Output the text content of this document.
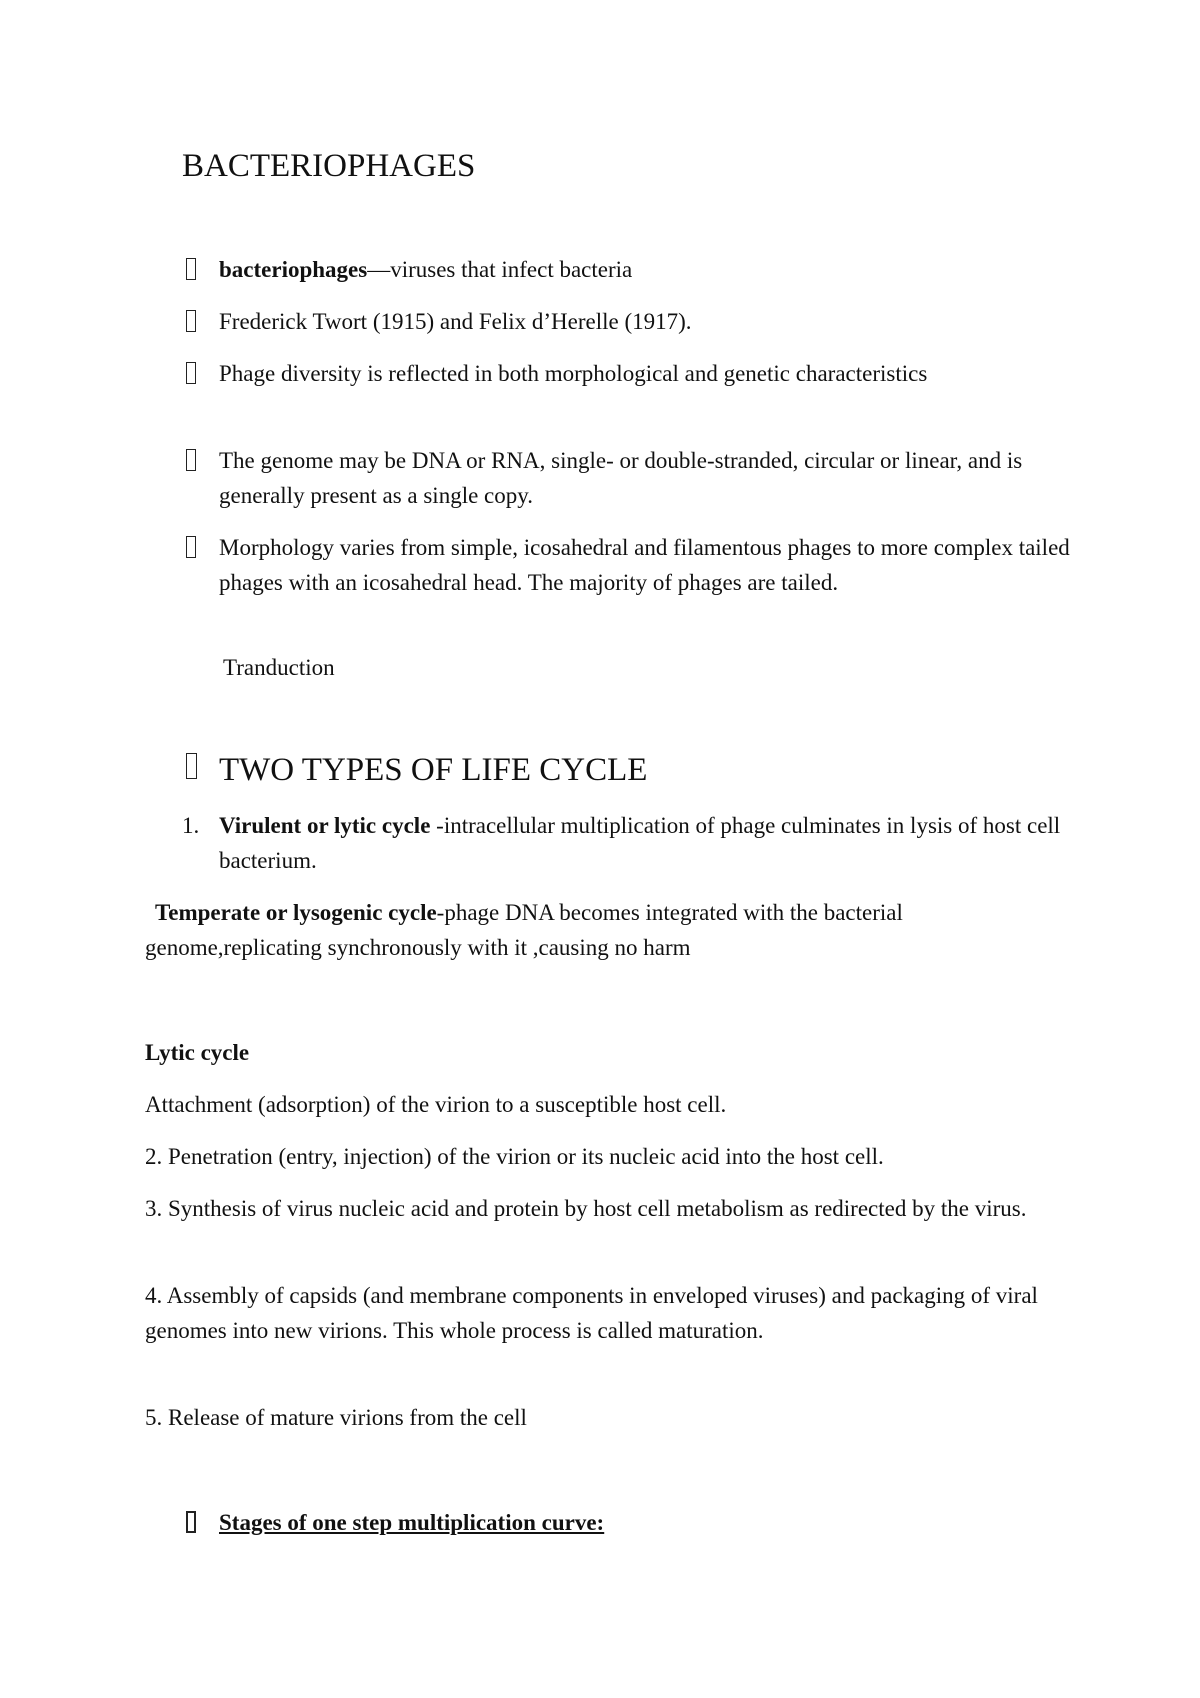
BACTERIOPHAGES
bacteriophages—viruses that infect bacteria
Frederick Twort (1915) and Felix d’Herelle (1917).
Phage diversity is reflected in both morphological and genetic characteristics
The genome may be DNA or RNA, single- or double-stranded, circular or linear, and is generally present as a single copy.
Morphology varies from simple, icosahedral and filamentous phages to more complex tailed phages with an icosahedral head. The majority of phages are tailed.
Tranduction
TWO TYPES OF LIFE CYCLE
1. Virulent or lytic cycle -intracellular multiplication of phage culminates in lysis of host cell bacterium.
Temperate or lysogenic cycle-phage DNA becomes integrated with the bacterial genome,replicating synchronously with it ,causing no harm
Lytic cycle
Attachment (adsorption) of the virion to a susceptible host cell.
2. Penetration (entry, injection) of the virion or its nucleic acid into the host cell.
3. Synthesis of virus nucleic acid and protein by host cell metabolism as redirected by the virus.
4. Assembly of capsids (and membrane components in enveloped viruses) and packaging of viral genomes into new virions. This whole process is called maturation.
5. Release of mature virions from the cell
Stages of one step multiplication curve:
